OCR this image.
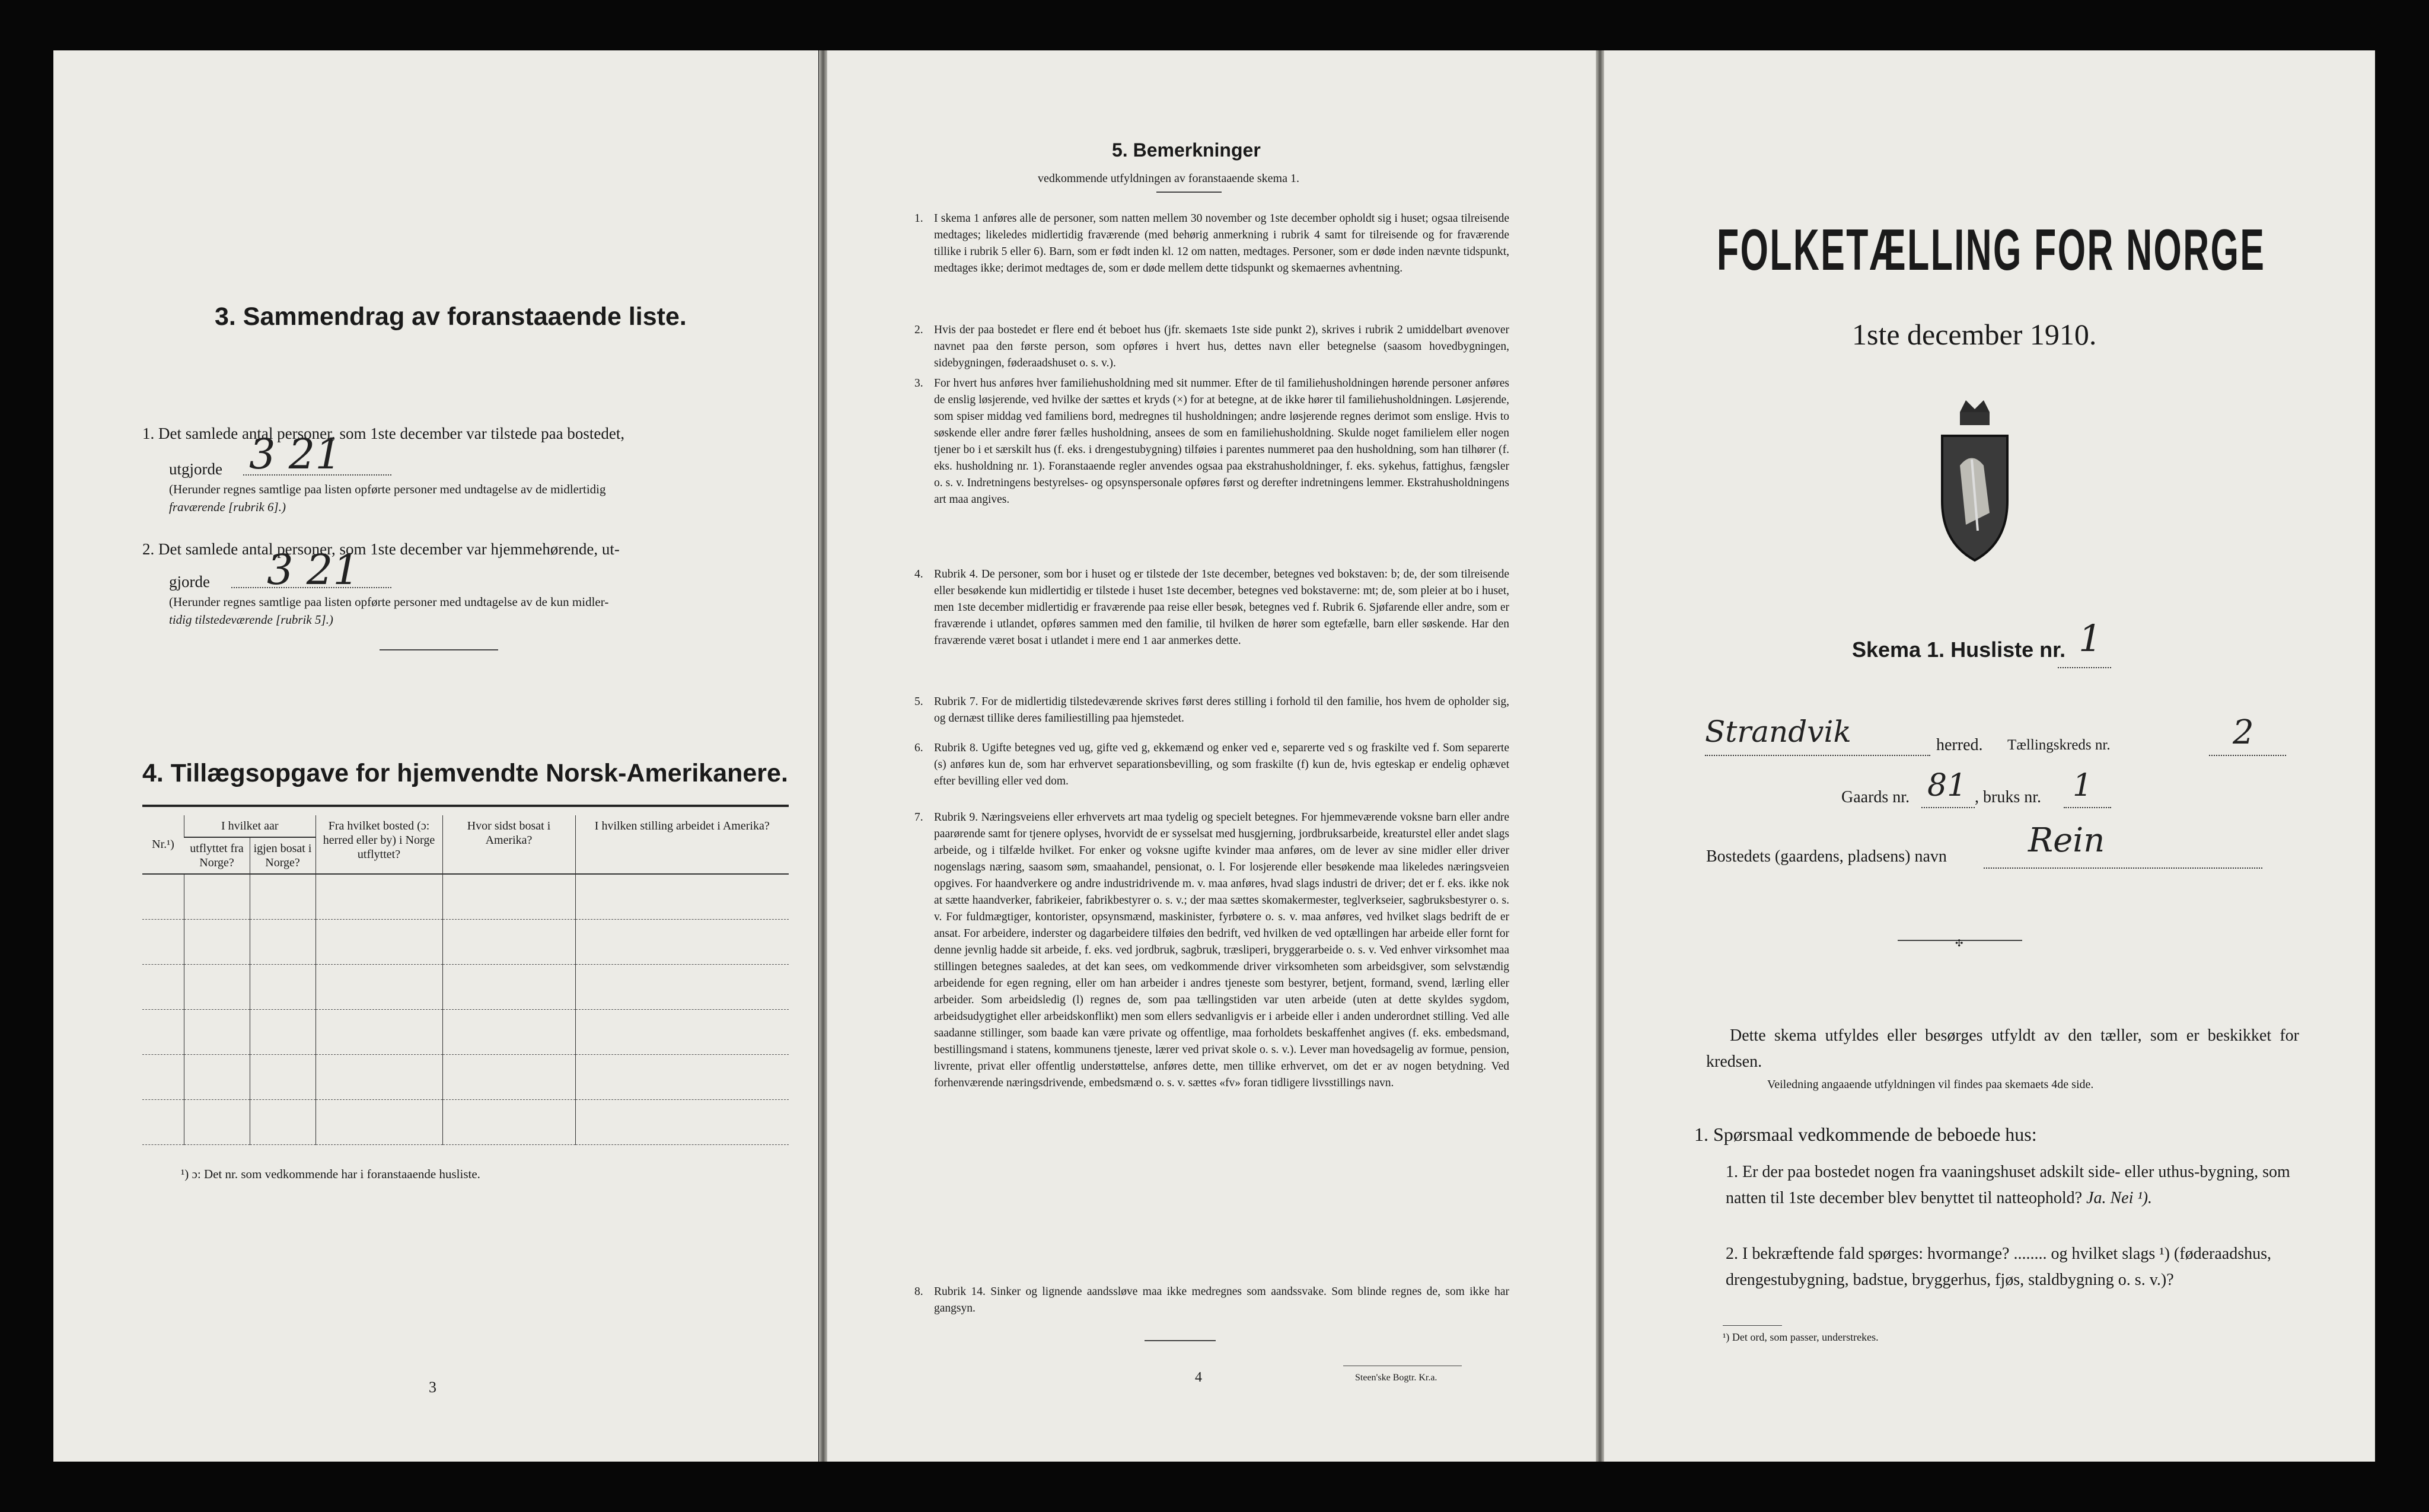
3. Sammendrag av foranstaaende liste.
1. Det samlede antal personer, som 1ste december var tilstede paa bostedet,
utgjorde 3 21
(Herunder regnes samtlige paa listen opførte personer med undtagelse av de midlertidig
fraværende [rubrik 6].)
2. Det samlede antal personer, som 1ste december var hjemmehørende, ut-
gjorde 3 21
(Herunder regnes samtlige paa listen opførte personer med undtagelse av de kun midler-
tidig tilstedeværende [rubrik 5].)
4. Tillægsopgave for hjemvendte Norsk-Amerikanere.
Nr.¹)	I hvilket aar		Fra hvilket bosted (ɔ: herred eller by) i Norge utflyttet?	Hvor sidst bosat i Amerika?	I hvilken stilling arbeidet i Amerika?
	utflyttet fra Norge?	igjen bosat i Norge?			

¹) ɔ: Det nr. som vedkommende har i foranstaaende husliste.
3
5. Bemerkninger
vedkommende utfyldningen av foranstaaende skema 1.
1. I skema 1 anføres alle de personer, som natten mellem 30 november og 1ste december opholdt sig i huset; ogsaa tilreisende medtages; likeledes midlertidig fraværende (med behørig anmerkning i rubrik 4 samt for tilreisende og for fraværende tillike i rubrik 5 eller 6). Barn, som er født inden kl. 12 om natten, medtages. Personer, som er døde inden nævnte tidspunkt, medtages ikke; derimot medtages de, som er døde mellem dette tidspunkt og skemaernes avhentning.
2. Hvis der paa bostedet er flere end ét beboet hus (jfr. skemaets 1ste side punkt 2), skrives i rubrik 2 umiddelbart øvenover navnet paa den første person, som opføres i hvert hus, dettes navn eller betegnelse (saasom hovedbygningen, sidebygningen, føderaadshuset o. s. v.).
3. For hvert hus anføres hver familiehusholdning med sit nummer. Efter de til familiehusholdningen hørende personer anføres de enslig løsjerende, ved hvilke der sættes et kryds (×) for at betegne, at de ikke hører til familiehusholdningen. Løsjerende, som spiser middag ved familiens bord, medregnes til husholdningen; andre løsjerende regnes derimot som enslige. Hvis to søskende eller andre fører fælles husholdning, ansees de som en familiehusholdning. Skulde noget familielem eller nogen tjener bo i et særskilt hus (f. eks. i drengestubygning) tilføies i parentes nummeret paa den husholdning, som han tilhører (f. eks. husholdning nr. 1). Foranstaaende regler anvendes ogsaa paa ekstrahusholdninger, f. eks. sykehus, fattighus, fængsler o. s. v. Indretningens bestyrelses- og opsynspersonale opføres først og derefter indretningens lemmer. Ekstrahusholdningens art maa angives.
4. Rubrik 4. De personer, som bor i huset og er tilstede der 1ste december, betegnes ved bokstaven: b; de, der som tilreisende eller besøkende kun midlertidig er tilstede i huset 1ste december, betegnes ved bokstaverne: mt; de, som pleier at bo i huset, men 1ste december midlertidig er fraværende paa reise eller besøk, betegnes ved f. Rubrik 6. Sjøfarende eller andre, som er fraværende i utlandet, opføres sammen med den familie, til hvilken de hører som egtefælle, barn eller søskende. Har den fraværende været bosat i utlandet i mere end 1 aar anmerkes dette.
5. Rubrik 7. For de midlertidig tilstedeværende skrives først deres stilling i forhold til den familie, hos hvem de opholder sig, og dernæst tillike deres familiestilling paa hjemstedet.
6. Rubrik 8. Ugifte betegnes ved ug, gifte ved g, ekkemænd og enker ved e, separerte ved s og fraskilte ved f. Som separerte (s) anføres kun de, som har erhvervet separationsbevilling, og som fraskilte (f) kun de, hvis egteskap er endelig ophævet efter bevilling eller ved dom.
7. Rubrik 9. Næringsveiens eller erhvervets art maa tydelig og specielt betegnes. For hjemmeværende voksne barn eller andre paarørende samt for tjenere oplyses, hvorvidt de er sysselsat med husgjerning, jordbruksarbeide, kreaturstel eller andet slags arbeide, og i tilfælde hvilket. For enker og voksne ugifte kvinder maa anføres, om de lever av sine midler eller driver nogenslags næring, saasom søm, smaahandel, pensionat, o. l. For losjerende eller besøkende maa likeledes næringsveien opgives. For haandverkere og andre industridrivende m. v. maa anføres, hvad slags industri de driver; det er f. eks. ikke nok at sætte haandverker, fabrikeier, fabrikbestyrer o. s. v.; der maa sættes skomakermester, teglverkseier, sagbruksbestyrer o. s. v. For fuldmægtiger, kontorister, opsynsmænd, maskinister, fyrbøtere o. s. v. maa anføres, ved hvilket slags bedrift de er ansat. For arbeidere, inderster og dagarbeidere tilføies den bedrift, ved hvilken de ved optællingen har arbeide eller fornt for denne jevnlig hadde sit arbeide, f. eks. ved jordbruk, sagbruk, træsliperi, bryggerarbeide o. s. v. Ved enhver virksomhet maa stillingen betegnes saaledes, at det kan sees, om vedkommende driver virksomheten som arbeidsgiver, som selvstændig arbeidende for egen regning, eller om han arbeider i andres tjeneste som bestyrer, betjent, formand, svend, lærling eller arbeider. Som arbeidsledig (l) regnes de, som paa tællingstiden var uten arbeide (uten at dette skyldes sygdom, arbeidsudygtighet eller arbeidskonflikt) men som ellers sedvanligvis er i arbeide eller i anden underordnet stilling. Ved alle saadanne stillinger, som baade kan være private og offentlige, maa forholdets beskaffenhet angives (f. eks. embedsmand, bestillingsmand i statens, kommunens tjeneste, lærer ved privat skole o. s. v.). Lever man hovedsagelig av formue, pension, livrente, privat eller offentlig understøttelse, anføres dette, men tillike erhvervet, om det er av nogen betydning. Ved forhenværende næringsdrivende, embedsmænd o. s. v. sættes «fv» foran tidligere livsstillings navn.
8. Rubrik 14. Sinker og lignende aandssløve maa ikke medregnes som aandssvake. Som blinde regnes de, som ikke har gangsyn.
4	Steen'ske Bogtr. Kr.a.
FOLKETÆLLING FOR NORGE
1ste december 1910.
Skema 1. Husliste nr. 1
Strandvik	herred. Tællingskreds nr.	2
Gaards nr. 81 , bruks nr. 1
Bostedets (gaardens, pladsens) navn Rein
✣
Dette skema utfyldes eller besørges utfyldt av den tæller, som er beskikket for kredsen.
Veiledning angaaende utfyldningen vil findes paa skemaets 4de side.
1. Spørsmaal vedkommende de beboede hus:
1. Er der paa bostedet nogen fra vaaningshuset adskilt side- eller uthus-bygning, som natten til 1ste december blev benyttet til natteophold? Ja. Nei ¹).
2. I bekræftende fald spørges: hvormange? ........ og hvilket slags ¹) (føderaadshus, drengestubygning, badstue, bryggerhus, fjøs, staldbygning o. s. v.)?
¹) Det ord, som passer, understrekes.
